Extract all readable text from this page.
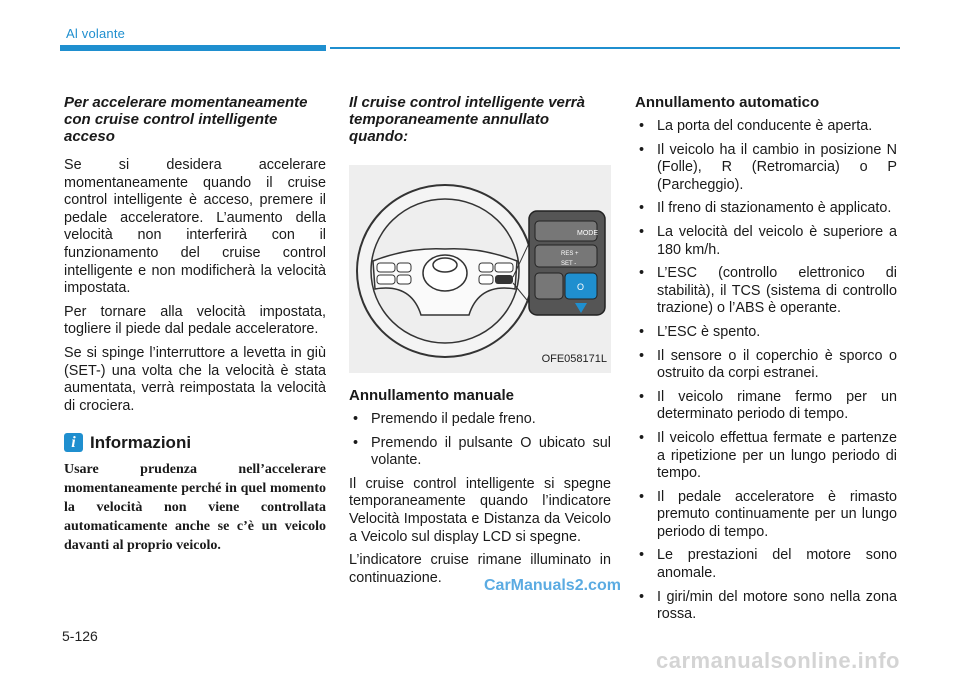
Al volante
Per accelerare momentaneamente con cruise control intelligente acceso

Se si desidera accelerare momentaneamente quando il cruise control intelligente è acceso, premere il pedale acceleratore. L’aumento della velocità non interferirà con il funzionamento del cruise control intelligente e non modificherà la velocità impostata.

Per tornare alla velocità impostata, togliere il piede dal pedale acceleratore.

Se si spinge l’interruttore a levetta in giù (SET-) una volta che la velocità è stata aumentata, verrà reimpostata la velocità di crociera.

i Informazioni

Usare prudenza nell’accelerare momentaneamente perché in quel momento la velocità non viene controllata automaticamente anche se c’è un veicolo davanti al proprio veicolo.

Il cruise control intelligente verrà temporaneamente annullato quando:
MODE
RES +
SET -
O
OFE058171L
Annullamento manuale
• Premendo il pedale freno.
• Premendo il pulsante O ubicato sul volante.

Il cruise control intelligente si spegne temporaneamente quando l’indicatore Velocità Impostata e Distanza da Veicolo a Veicolo sul display LCD si spegne.

L’indicatore cruise rimane illuminato in continuazione.

Annullamento automatico
• La porta del conducente è aperta.
• Il veicolo ha il cambio in posizione N (Folle), R (Retromarcia) o P (Parcheggio).
• Il freno di stazionamento è applicato.
• La velocità del veicolo è superiore a 180 km/h.
• L’ESC (controllo elettronico di stabilità), il TCS (sistema di controllo trazione) o l’ABS è operante.
• L’ESC è spento.
• Il sensore o il coperchio è sporco o ostruito da corpi estranei.
• Il veicolo rimane fermo per un determinato periodo di tempo.
• Il veicolo effettua fermate e partenze a ripetizione per un lungo periodo di tempo.
• Il pedale acceleratore è rimasto premuto continuamente per un lungo periodo di tempo.
• Le prestazioni del motore sono anomale.
• I giri/min del motore sono nella zona rossa.
5-126
CarManuals2.com
carmanualsonline.info
